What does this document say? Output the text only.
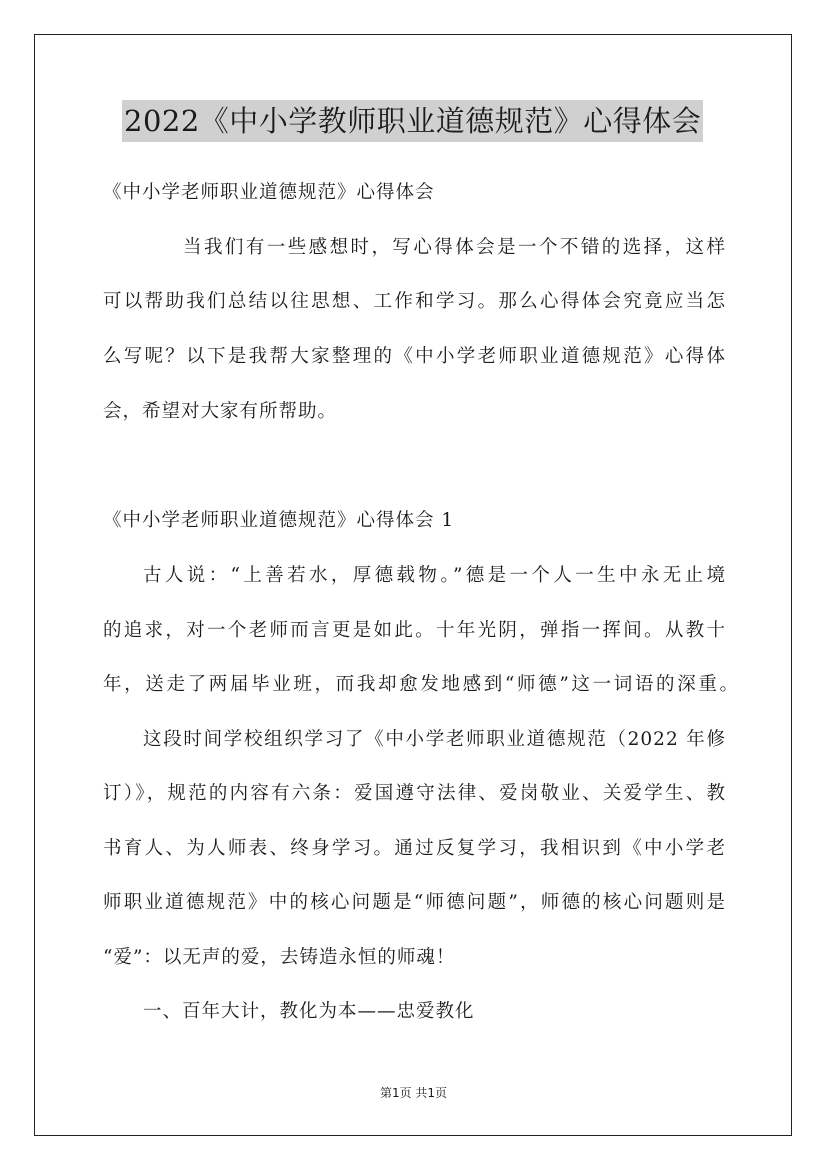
2022《中小学教师职业道德规范》心得体会
《中小学老师职业道德规范》心得体会
当我们有一些感想时，写心得体会是一个不错的选择，这样
可以帮助我们总结以往思想、工作和学习。那么心得体会究竟应当怎
么写呢？以下是我帮大家整理的《中小学老师职业道德规范》心得体
会，希望对大家有所帮助。
《中小学老师职业道德规范》心得体会 1
古人说：“上善若水，厚德载物。”德是一个人一生中永无止境
的追求，对一个老师而言更是如此。十年光阴，弹指一挥间。从教十
年，送走了两届毕业班，而我却愈发地感到“师德”这一词语的深重。
这段时间学校组织学习了《中小学老师职业道德规范（2022 年修
订）》，规范的内容有六条：爱国遵守法律、爱岗敬业、关爱学生、教
书育人、为人师表、终身学习。通过反复学习，我相识到《中小学老
师职业道德规范》中的核心问题是“师德问题”，师德的核心问题则是
“爱”：以无声的爱，去铸造永恒的师魂！
一、百年大计，教化为本——忠爱教化
第1页 共1页
